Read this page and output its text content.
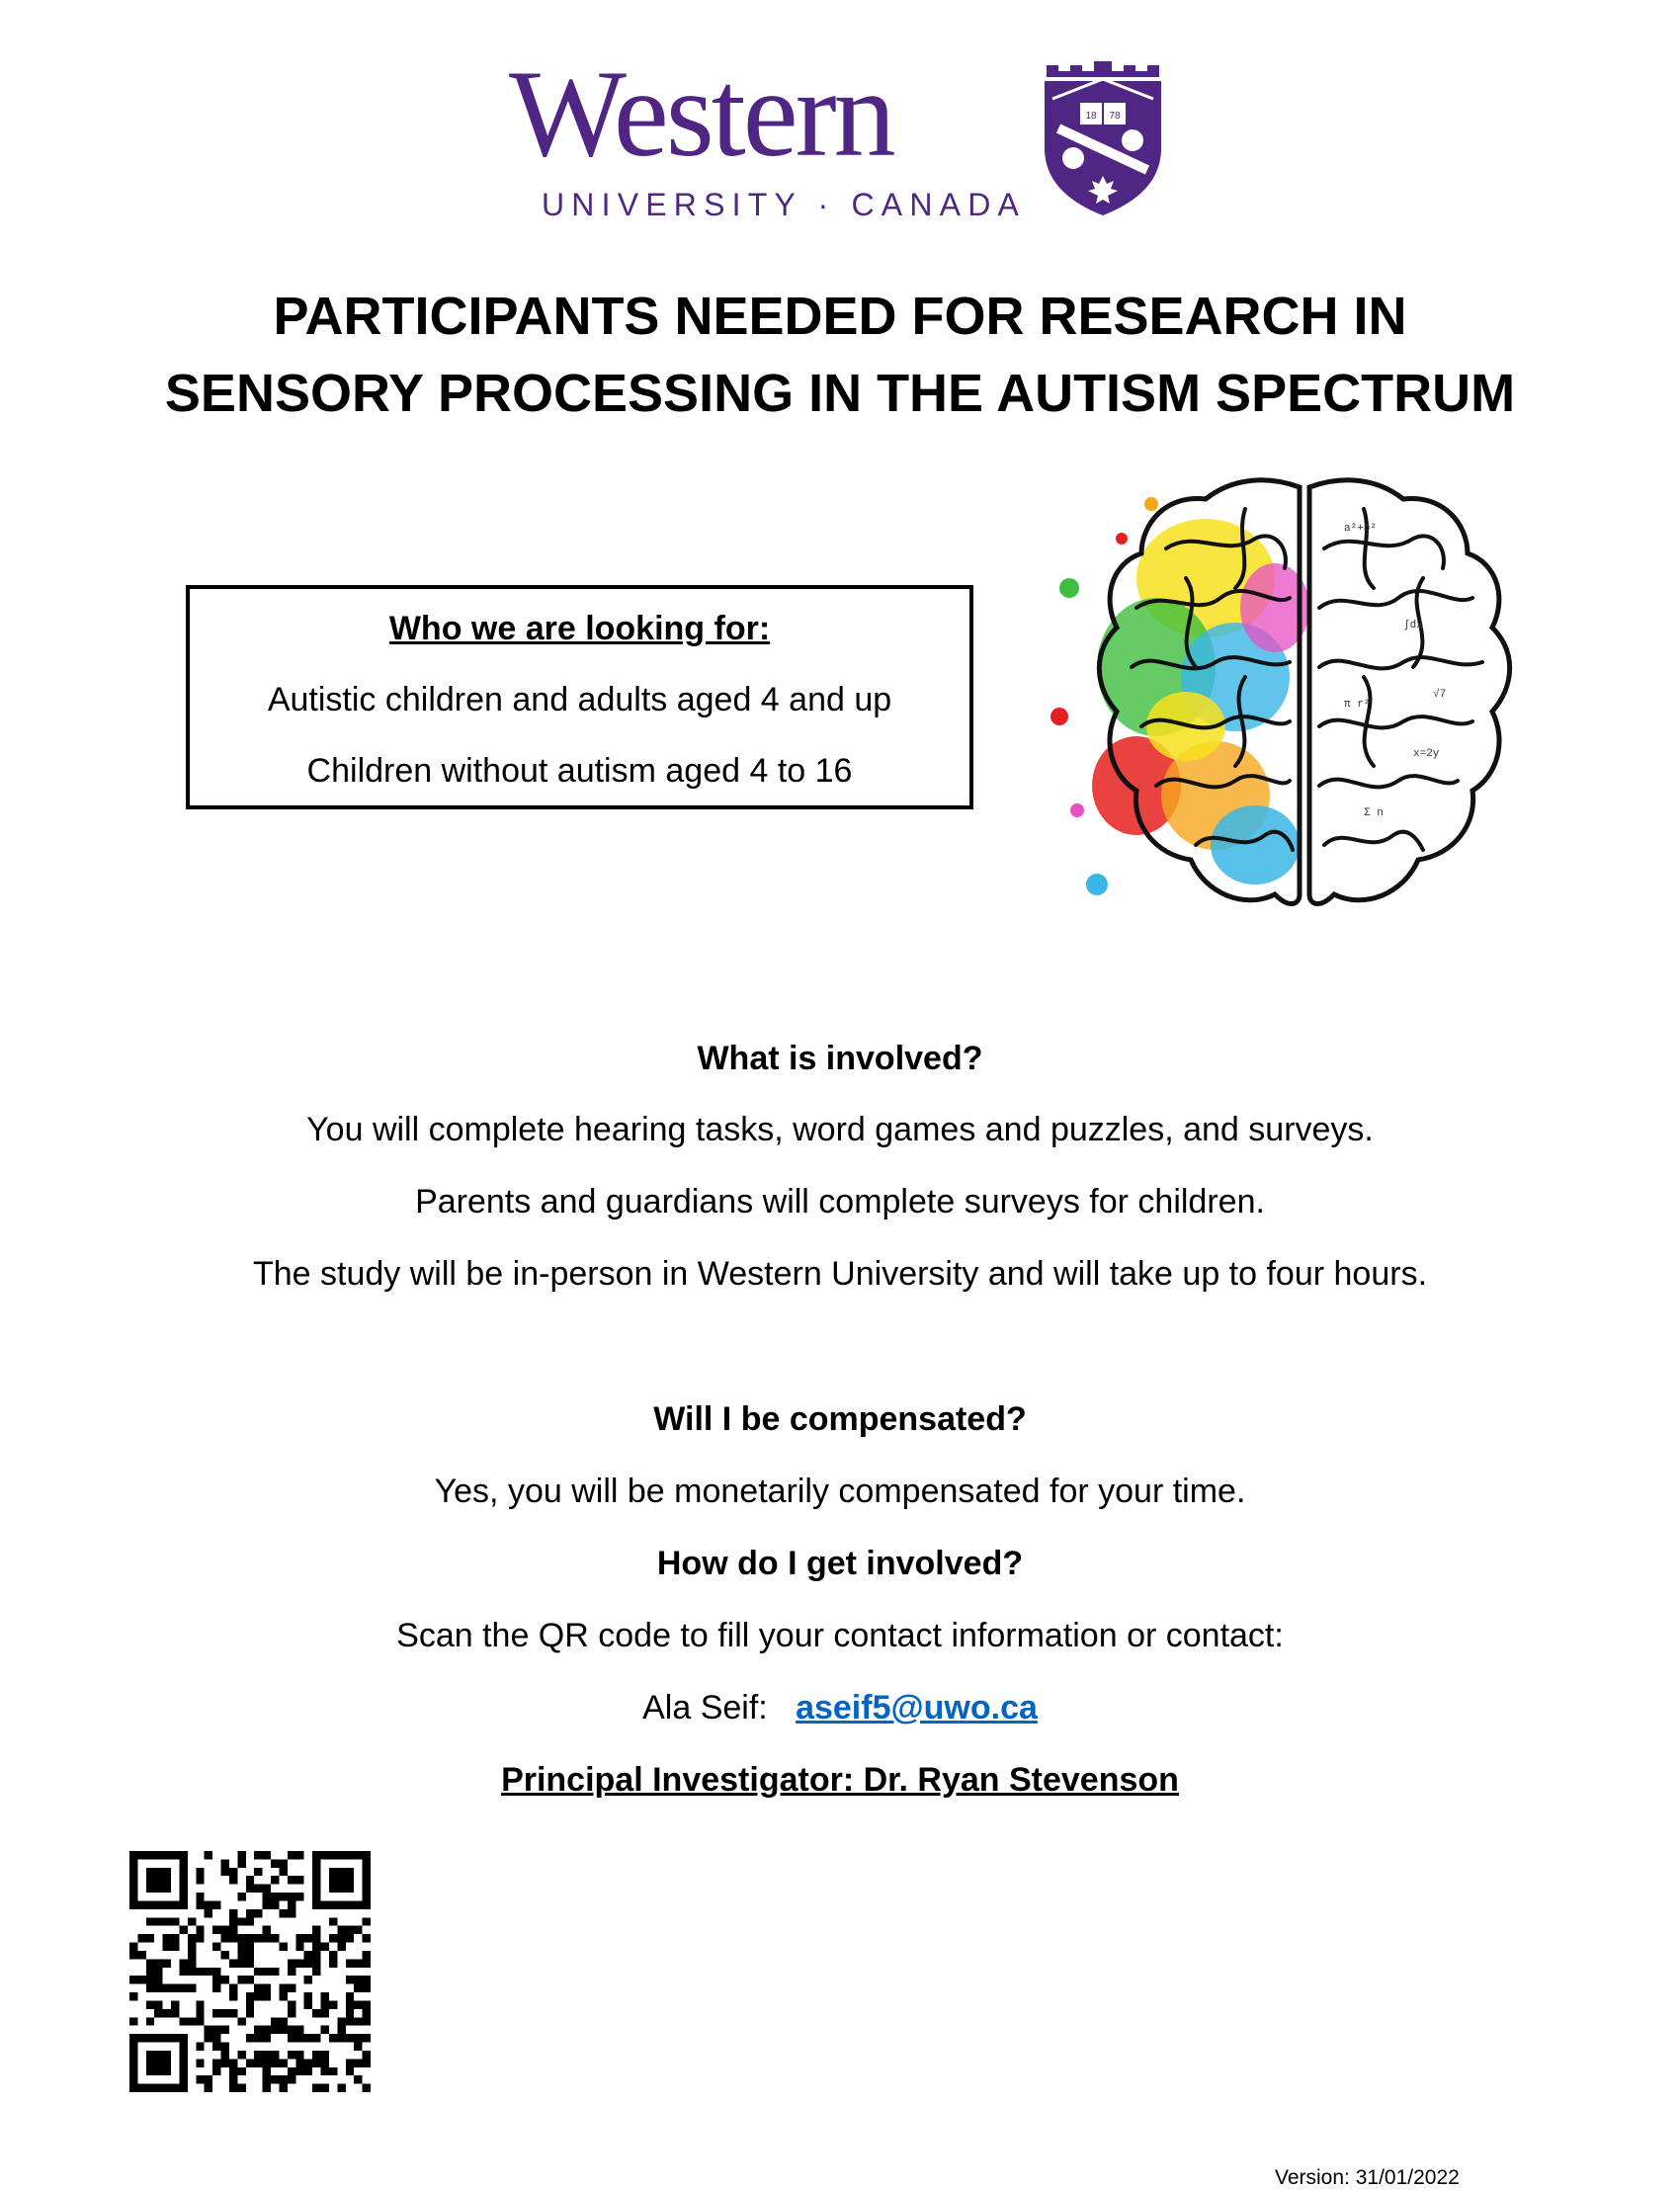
Western
UNIVERSITY · CANADA
18 78
PARTICIPANTS NEEDED FOR RESEARCH IN
SENSORY PROCESSING IN THE AUTISM SPECTRUM
Who we are looking for:
Autistic children and adults aged 4 and up
Children without autism aged 4 to 16
a²+b²
∫dx
π r²
x=2y
Σ n
√7
What is involved?
You will complete hearing tasks, word games and puzzles, and surveys.
Parents and guardians will complete surveys for children.
The study will be in-person in Western University and will take up to four hours.
Will I be compensated?
Yes, you will be monetarily compensated for your time.
How do I get involved?
Scan the QR code to fill your contact information or contact:
Ala Seif: aseif5@uwo.ca
Principal Investigator: Dr. Ryan Stevenson
Version: 31/01/2022
